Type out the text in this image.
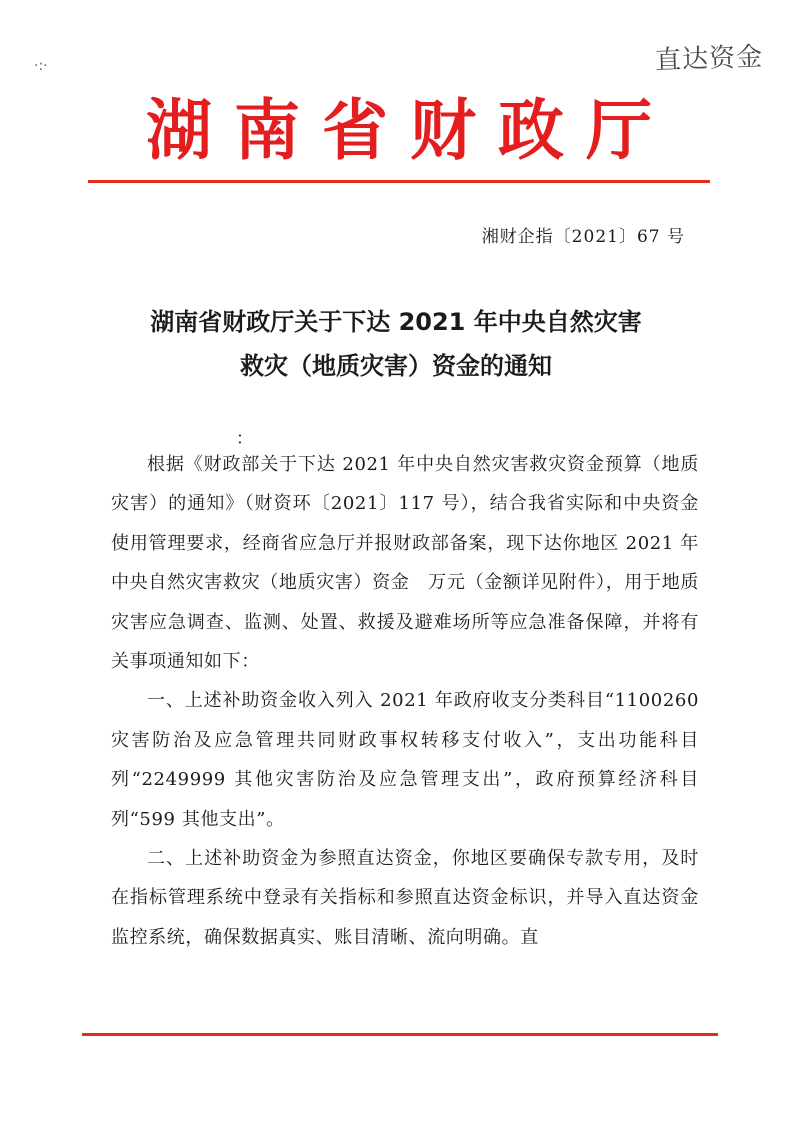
·:·	直达资金
湖南省财政厅
湘财企指〔2021〕67 号
湖南省财政厅关于下达 2021 年中央自然灾害
救灾（地质灾害）资金的通知
：

根据《财政部关于下达 2021 年中央自然灾害救灾资金预算（地质灾害）的通知》（财资环〔2021〕117 号），结合我省实际和中央资金使用管理要求，经商省应急厅并报财政部备案，现下达你地区 2021 年中央自然灾害救灾（地质灾害）资金　万元（金额详见附件），用于地质灾害应急调查、监测、处置、救援及避难场所等应急准备保障，并将有关事项通知如下：

一、上述补助资金收入列入 2021 年政府收支分类科目“1100260 灾害防治及应急管理共同财政事权转移支付收入”，支出功能科目列“2249999 其他灾害防治及应急管理支出”，政府预算经济科目列“599 其他支出”。

二、上述补助资金为参照直达资金，你地区要确保专款专用，及时在指标管理系统中登录有关指标和参照直达资金标识，并导入直达资金监控系统，确保数据真实、账目清晰、流向明确。直
